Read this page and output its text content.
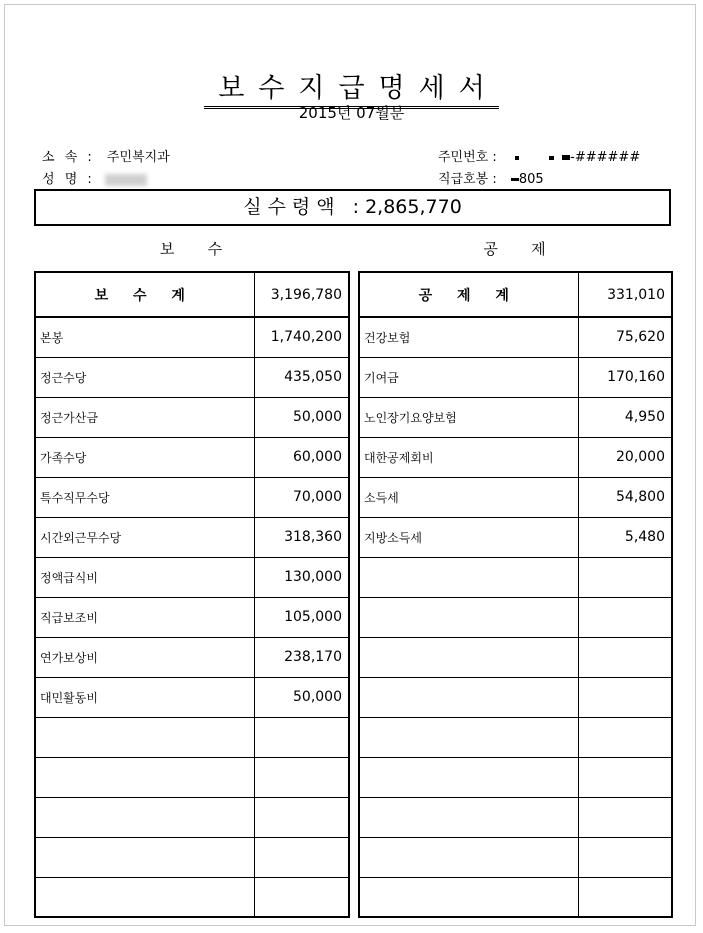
보수지급명세서
2015년 07월분
소 속 : 주민복지과
성 명 :
주민번호 :	-######
직급호봉 : 805
실수령액 :2,865,770
보       수	공       제
보 수 계	3,196,780
본봉	1,740,200
정근수당	435,050
정근가산금	50,000
가족수당	60,000
특수직무수당	70,000
시간외근무수당	318,360
정액급식비	130,000
직급보조비	105,000
연가보상비	238,170
대민활동비	50,000

공 제 계	331,010
건강보험	75,620
기여금	170,160
노인장기요양보험	4,950
대한공제회비	20,000
소득세	54,800
지방소득세	5,480
